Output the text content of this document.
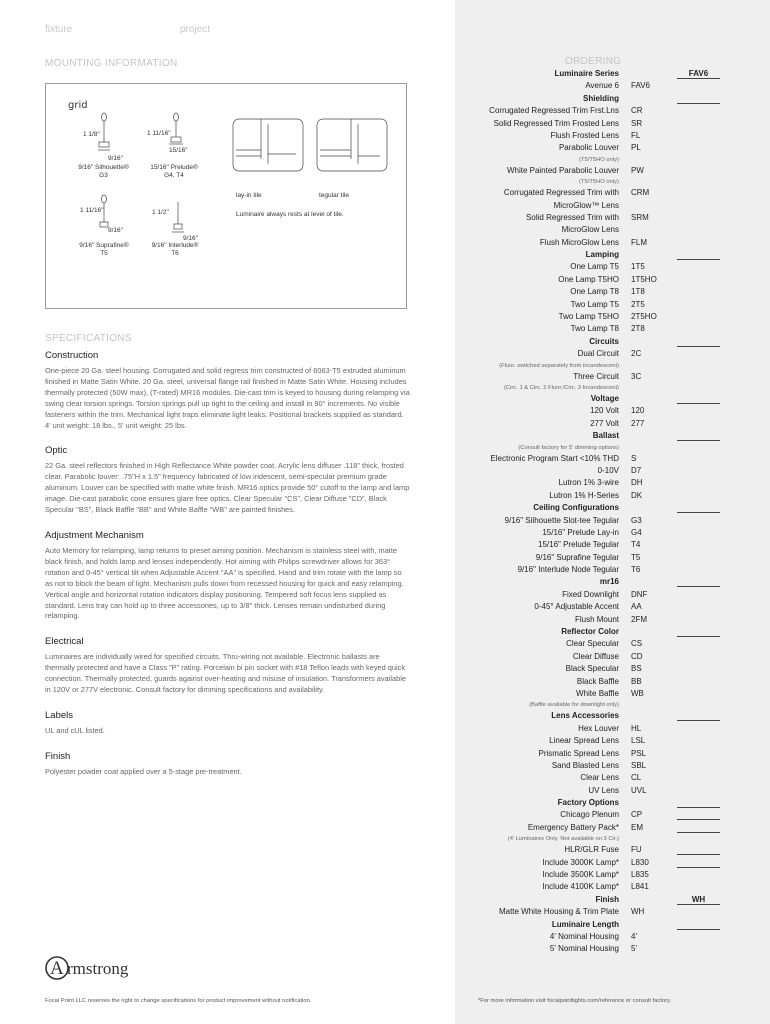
fixture	project
MOUNTING INFORMATION
grid
1 1/8"
9/16"
1 11/16"
15/16"
9/16" Silhouette®
G3
15/16" Prelude®
G4, T4
1 11/16"
9/16"
1 1/2"
9/16"
9/16" Suprafine®
T5
9/16" Interlude®
T6
lay-in tile	tegular tile
Luminaire always rests at level of tile.
SPECIFICATIONS
Construction
One-piece 20 Ga. steel housing. Corrugated and solid regress trim constructed of 6063-T5 extruded aluminum finished in Matte Satin White. 20 Ga. steel, universal flange rail finished in Matte Satin White. Housing includes thermally protected (50W max), (T-rated) MR16 modules. Die-cast trim is keyed to housing during relamping via swing clear torsion springs. Torsion springs pull up tight to the ceiling and install in 90° increments. No visible fasteners within the trim. Mechanical light traps eliminate light leaks. Positional brackets supplied as standard. 4' unit weight: 18 lbs., 5' unit weight: 25 lbs.
Optic
22 Ga. steel reflectors finished in High Reflectance White powder coat. Acrylic lens diffuser .118" thick, frosted clear. Parabolic louver: .75"H x 1.5" frequency fabricated of low iridescent, semi-specular premium grade aluminum. Louver can be specified with matte white finish. MR16 optics provide 50° cutoff to the lamp and lamp image. Die-cast parabolic cone ensures glare free optics. Clear Specular "CS", Clear Diffuse "CD", Black Specular "BS", Black Baffle "BB" and White Baffle "WB" are painted finishes.
Adjustment Mechanism
Auto Memory for relamping, lamp returns to preset aiming position. Mechanism is stainless steel with, matte black finish, and holds lamp and lenses independently. Hot aiming with Philips screwdriver allows for 363° rotation and 0-45° vertical tilt when Adjustable Accent "AA" is specified. Hand and trim rotate with the lamp so as not to block the beam of light. Mechanism pulls down from recessed housing for quick and easy relamping. Vertical angle and horizontal rotation indicators display positioning. Tempered soft focus lens supplied as standard. Lens tray can hold up to three accessories, up to 3/8" thick. Lenses remain undisturbed during relamping.
Electrical
Luminaires are individually wired for specified circuits. Thru-wiring not available. Electronic ballasts are thermally protected and have a Class "P" rating. Porcelain bi pin socket with #18 Teflon leads with keyed quick connection. Thermally protected, guards against over-heating and misuse of insulation. Transformers available in 120V or 277V electronic. Consult factory for dimming specifications and availability.
Labels
UL and cUL listed.
Finish
Polyester powder coat applied over a 5-stage pre-treatment.
ORDERING
Luminaire Series	FAV6
Avenue 6 FAV6
Shielding
Corrugated Regressed Trim Frst.Lns CR
Solid Regressed Trim Frosted Lens SR
Flush Frosted Lens FL
Parabolic Louver PL
(T5/T5HO only)
White Painted Parabolic Louver PW
(T5/T5HO only)
Corrugated Regressed Trim with CRM
MicroGlow™ Lens
Solid Regressed Trim with SRM
MicroGlow Lens
Flush MicroGlow Lens FLM
Lamping
One Lamp T5 1T5
One Lamp T5HO 1T5HO
One Lamp T8 1T8
Two Lamp T5 2T5
Two Lamp T5HO 2T5HO
Two Lamp T8 2T8
Circuits
Dual Circuit 2C
(Fluor. switched separately from incandescent)
Three Circuit 3C
(Circ. 1 & Circ. 2 Fluor./Circ. 3 Incandescent)
Voltage
120 Volt 120
277 Volt 277
Ballast
(Consult factory for 5' dimming options)
Electronic Program Start <10% THD S
0-10V D7
Lutron 1% 3-wire DH
Lutron 1% H-Series DK
Ceiling Configurations
9/16" Silhouette Slot-tee Tegular G3
15/16" Prelude Lay-in G4
15/16" Prelude Tegular T4
9/16" Suprafine Tegular T5
9/16" Interlude Node Tegular T6
mr16
Fixed Downlight DNF
0-45° Adjustable Accent AA
Flush Mount 2FM
Reflector Color
Clear Specular CS
Clear Diffuse CD
Black Specular BS
Black Baffle BB
White Baffle WB
(Baffle available for downlight only)
Lens Accessories
Hex Louver HL
Linear Spread Lens LSL
Prismatic Spread Lens PSL
Sand Blasted Lens SBL
Clear Lens CL
UV Lens UVL
Factory Options
Chicago Plenum CP
Emergency Battery Pack* EM
(4' Luminaires Only. Not available on 3 Cir.)
HLR/GLR Fuse FU
Include 3000K Lamp* L830
Include 3500K Lamp* L835
Include 4100K Lamp* L841
Finish	WH
Matte White Housing & Trim Plate WH
Luminaire Length
4' Nominal Housing 4'
5' Nominal Housing 5'
A rmstrong
Focal Point LLC reserves the right to change specifications for product improvement without notification.	*For more information visit focalpointlights.com/reference or consult factory.
